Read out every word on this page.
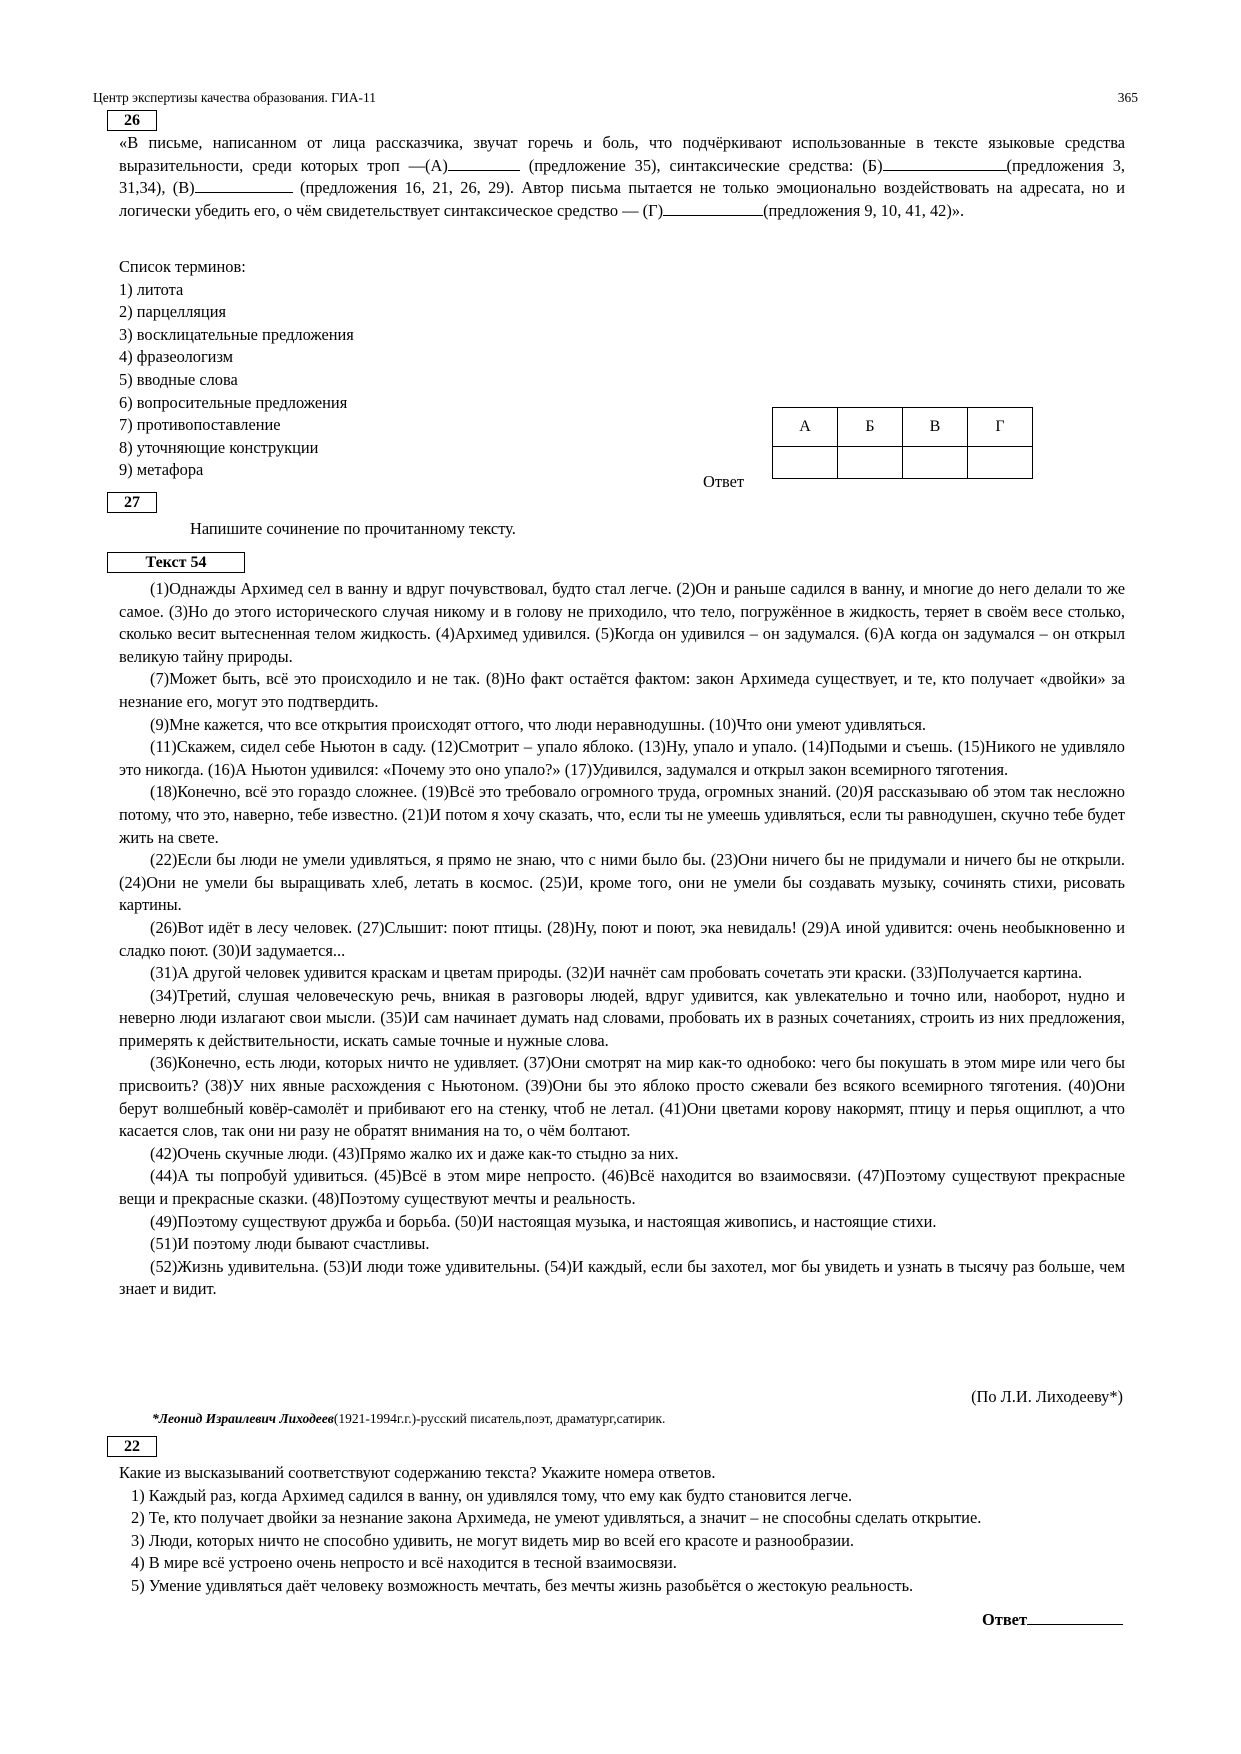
Центр экспертизы качества образования. ГИА-11	365
26

«В письме, написанном от лица рассказчика, звучат горечь и боль, что подчёркивают использованные в тексте языковые средства выразительности, среди которых троп —(А)	(предложение 35), синтаксические средства: (Б)	(предложения 3, 31,34), (В)	(предложения 16, 21, 26, 29). Автор письма пытается не только эмоционально воздействовать на адресата, но и логически убедить его, о чём свидетельствует синтаксическое средство — (Г)	(предложения 9, 10, 41, 42)».

Список терминов:
1) литота
2) парцелляция
3) восклицательные предложения
4) фразеологизм
5) вводные слова
6) вопросительные предложения
7) противопоставление
8) уточняющие конструкции
9) метафора
Ответ
А	Б	В	Г

27
Напишите сочинение по прочитанному тексту.
Текст 54

(1)Однажды Архимед сел в ванну и вдруг почувствовал, будто стал легче. (2)Он и раньше садился в ванну, и многие до него делали то же самое. (3)Но до этого исторического случая никому и в голову не приходило, что тело, погружённое в жидкость, теряет в своём весе столько, сколько весит вытесненная телом жидкость. (4)Архимед удивился. (5)Когда он удивился – он задумался. (6)А когда он задумался – он открыл великую тайну природы.

(7)Может быть, всё это происходило и не так. (8)Но факт остаётся фактом: закон Архимеда существует, и те, кто получает «двойки» за незнание его, могут это подтвердить.

(9)Мне кажется, что все открытия происходят оттого, что люди неравнодушны. (10)Что они умеют удивляться.

(11)Скажем, сидел себе Ньютон в саду. (12)Смотрит – упало яблоко. (13)Ну, упало и упало. (14)Подыми и съешь. (15)Никого не удивляло это никогда. (16)А Ньютон удивился: «Почему это оно упало?» (17)Удивился, задумался и открыл закон всемирного тяготения.

(18)Конечно, всё это гораздо сложнее. (19)Всё это требовало огромного труда, огромных знаний. (20)Я рассказываю об этом так несложно потому, что это, наверно, тебе известно. (21)И потом я хочу сказать, что, если ты не умеешь удивляться, если ты равнодушен, скучно тебе будет жить на свете.

(22)Если бы люди не умели удивляться, я прямо не знаю, что с ними было бы. (23)Они ничего бы не придумали и ничего бы не открыли. (24)Они не умели бы выращивать хлеб, летать в космос. (25)И, кроме того, они не умели бы создавать музыку, сочинять стихи, рисовать картины.

(26)Вот идёт в лесу человек. (27)Слышит: поют птицы. (28)Ну, поют и поют, эка невидаль! (29)А иной удивится: очень необыкновенно и сладко поют. (30)И задумается...

(31)А другой человек удивится краскам и цветам природы. (32)И начнёт сам пробовать сочетать эти краски. (33)Получается картина.

(34)Третий, слушая человеческую речь, вникая в разговоры людей, вдруг удивится, как увлекательно и точно или, наоборот, нудно и неверно люди излагают свои мысли. (35)И сам начинает думать над словами, пробовать их в разных сочетаниях, строить из них предложения, примерять к действительности, искать самые точные и нужные слова.

(36)Конечно, есть люди, которых ничто не удивляет. (37)Они смотрят на мир как-то однобоко: чего бы покушать в этом мире или чего бы присвоить? (38)У них явные расхождения с Ньютоном. (39)Они бы это яблоко просто сжевали без всякого всемирного тяготения. (40)Они берут волшебный ковёр-самолёт и прибивают его на стенку, чтоб не летал. (41)Они цветами корову накормят, птицу и перья ощиплют, а что касается слов, так они ни разу не обратят внимания на то, о чём болтают.

(42)Очень скучные люди. (43)Прямо жалко их и даже как-то стыдно за них.

(44)А ты попробуй удивиться. (45)Всё в этом мире непросто. (46)Всё находится во взаимосвязи. (47)Поэтому существуют прекрасные вещи и прекрасные сказки. (48)Поэтому существуют мечты и реальность.

(49)Поэтому существуют дружба и борьба. (50)И настоящая музыка, и настоящая живопись, и настоящие стихи.

(51)И поэтому люди бывают счастливы.

(52)Жизнь удивительна. (53)И люди тоже удивительны. (54)И каждый, если бы захотел, мог бы увидеть и узнать в тысячу раз больше, чем знает и видит.

(По Л.И. Лиходееву*)
*Леонид Израилевич Лиходеев(1921-1994г.г.)-русский писатель,поэт, драматург,сатирик.
22
Какие из высказываний соответствуют содержанию текста? Укажите номера ответов.
1) Каждый раз, когда Архимед садился в ванну, он удивлялся тому, что ему как будто становится легче.
2) Те, кто получает двойки за незнание закона Архимеда, не умеют удивляться, а значит – не способны сделать открытие.
3) Люди, которых ничто не способно удивить, не могут видеть мир во всей его красоте и разнообразии.
4) В мире всё устроено очень непросто и всё находится в тесной взаимосвязи.
5) Умение удивляться даёт человеку возможность мечтать, без мечты жизнь разобьётся о жестокую реальность.
Ответ
